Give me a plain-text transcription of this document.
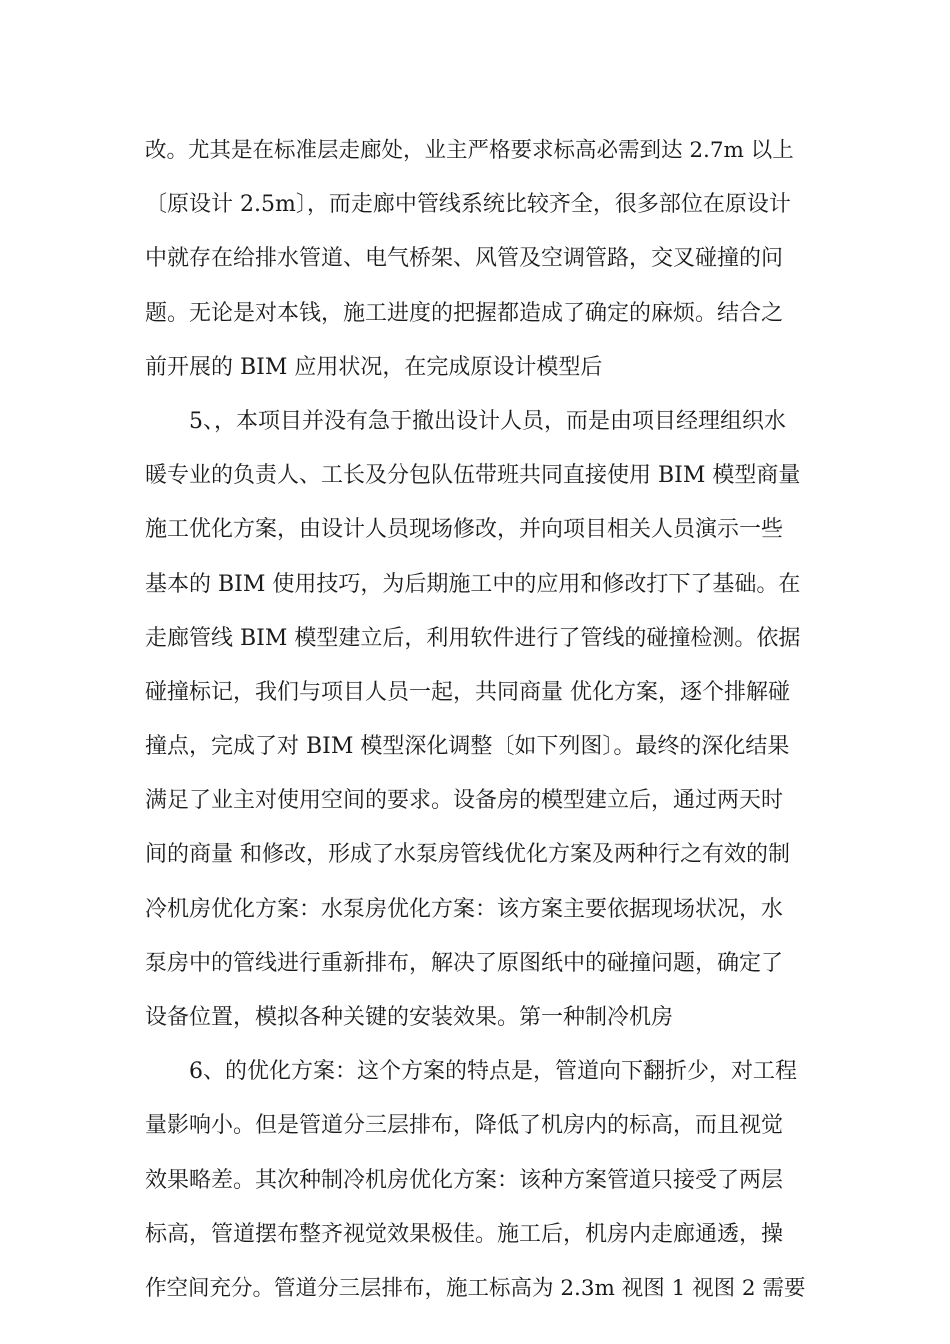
改。尤其是在标准层走廊处，业主严格要求标高必需到达 2.7m 以上
〔原设计 2.5m〕，而走廊中管线系统比较齐全，很多部位在原设计
中就存在给排水管道、电气桥架、风管及空调管路，交叉碰撞的问
题。无论是对本钱，施工进度的把握都造成了确定的麻烦。结合之
前开展的 BIM 应用状况，在完成原设计模型后
5、，本项目并没有急于撤出设计人员，而是由项目经理组织水
暖专业的负责人、工长及分包队伍带班共同直接使用 BIM 模型商量
施工优化方案，由设计人员现场修改，并向项目相关人员演示一些
基本的 BIM 使用技巧，为后期施工中的应用和修改打下了基础。在
走廊管线 BIM 模型建立后，利用软件进行了管线的碰撞检测。依据
碰撞标记，我们与项目人员一起，共同商量 优化方案，逐个排解碰
撞点，完成了对 BIM 模型深化调整〔如下列图〕。最终的深化结果
满足了业主对使用空间的要求。设备房的模型建立后，通过两天时
间的商量 和修改，形成了水泵房管线优化方案及两种行之有效的制
冷机房优化方案：水泵房优化方案：该方案主要依据现场状况，水
泵房中的管线进行重新排布，解决了原图纸中的碰撞问题，确定了
设备位置，模拟各种关键的安装效果。第一种制冷机房
6、的优化方案：这个方案的特点是，管道向下翻折少，对工程
量影响小。但是管道分三层排布，降低了机房内的标高，而且视觉
效果略差。其次种制冷机房优化方案：该种方案管道只接受了两层
标高，管道摆布整齐视觉效果极佳。施工后，机房内走廊通透，操
作空间充分。管道分三层排布，施工标高为 2.3m 视图 1 视图 2 需要
